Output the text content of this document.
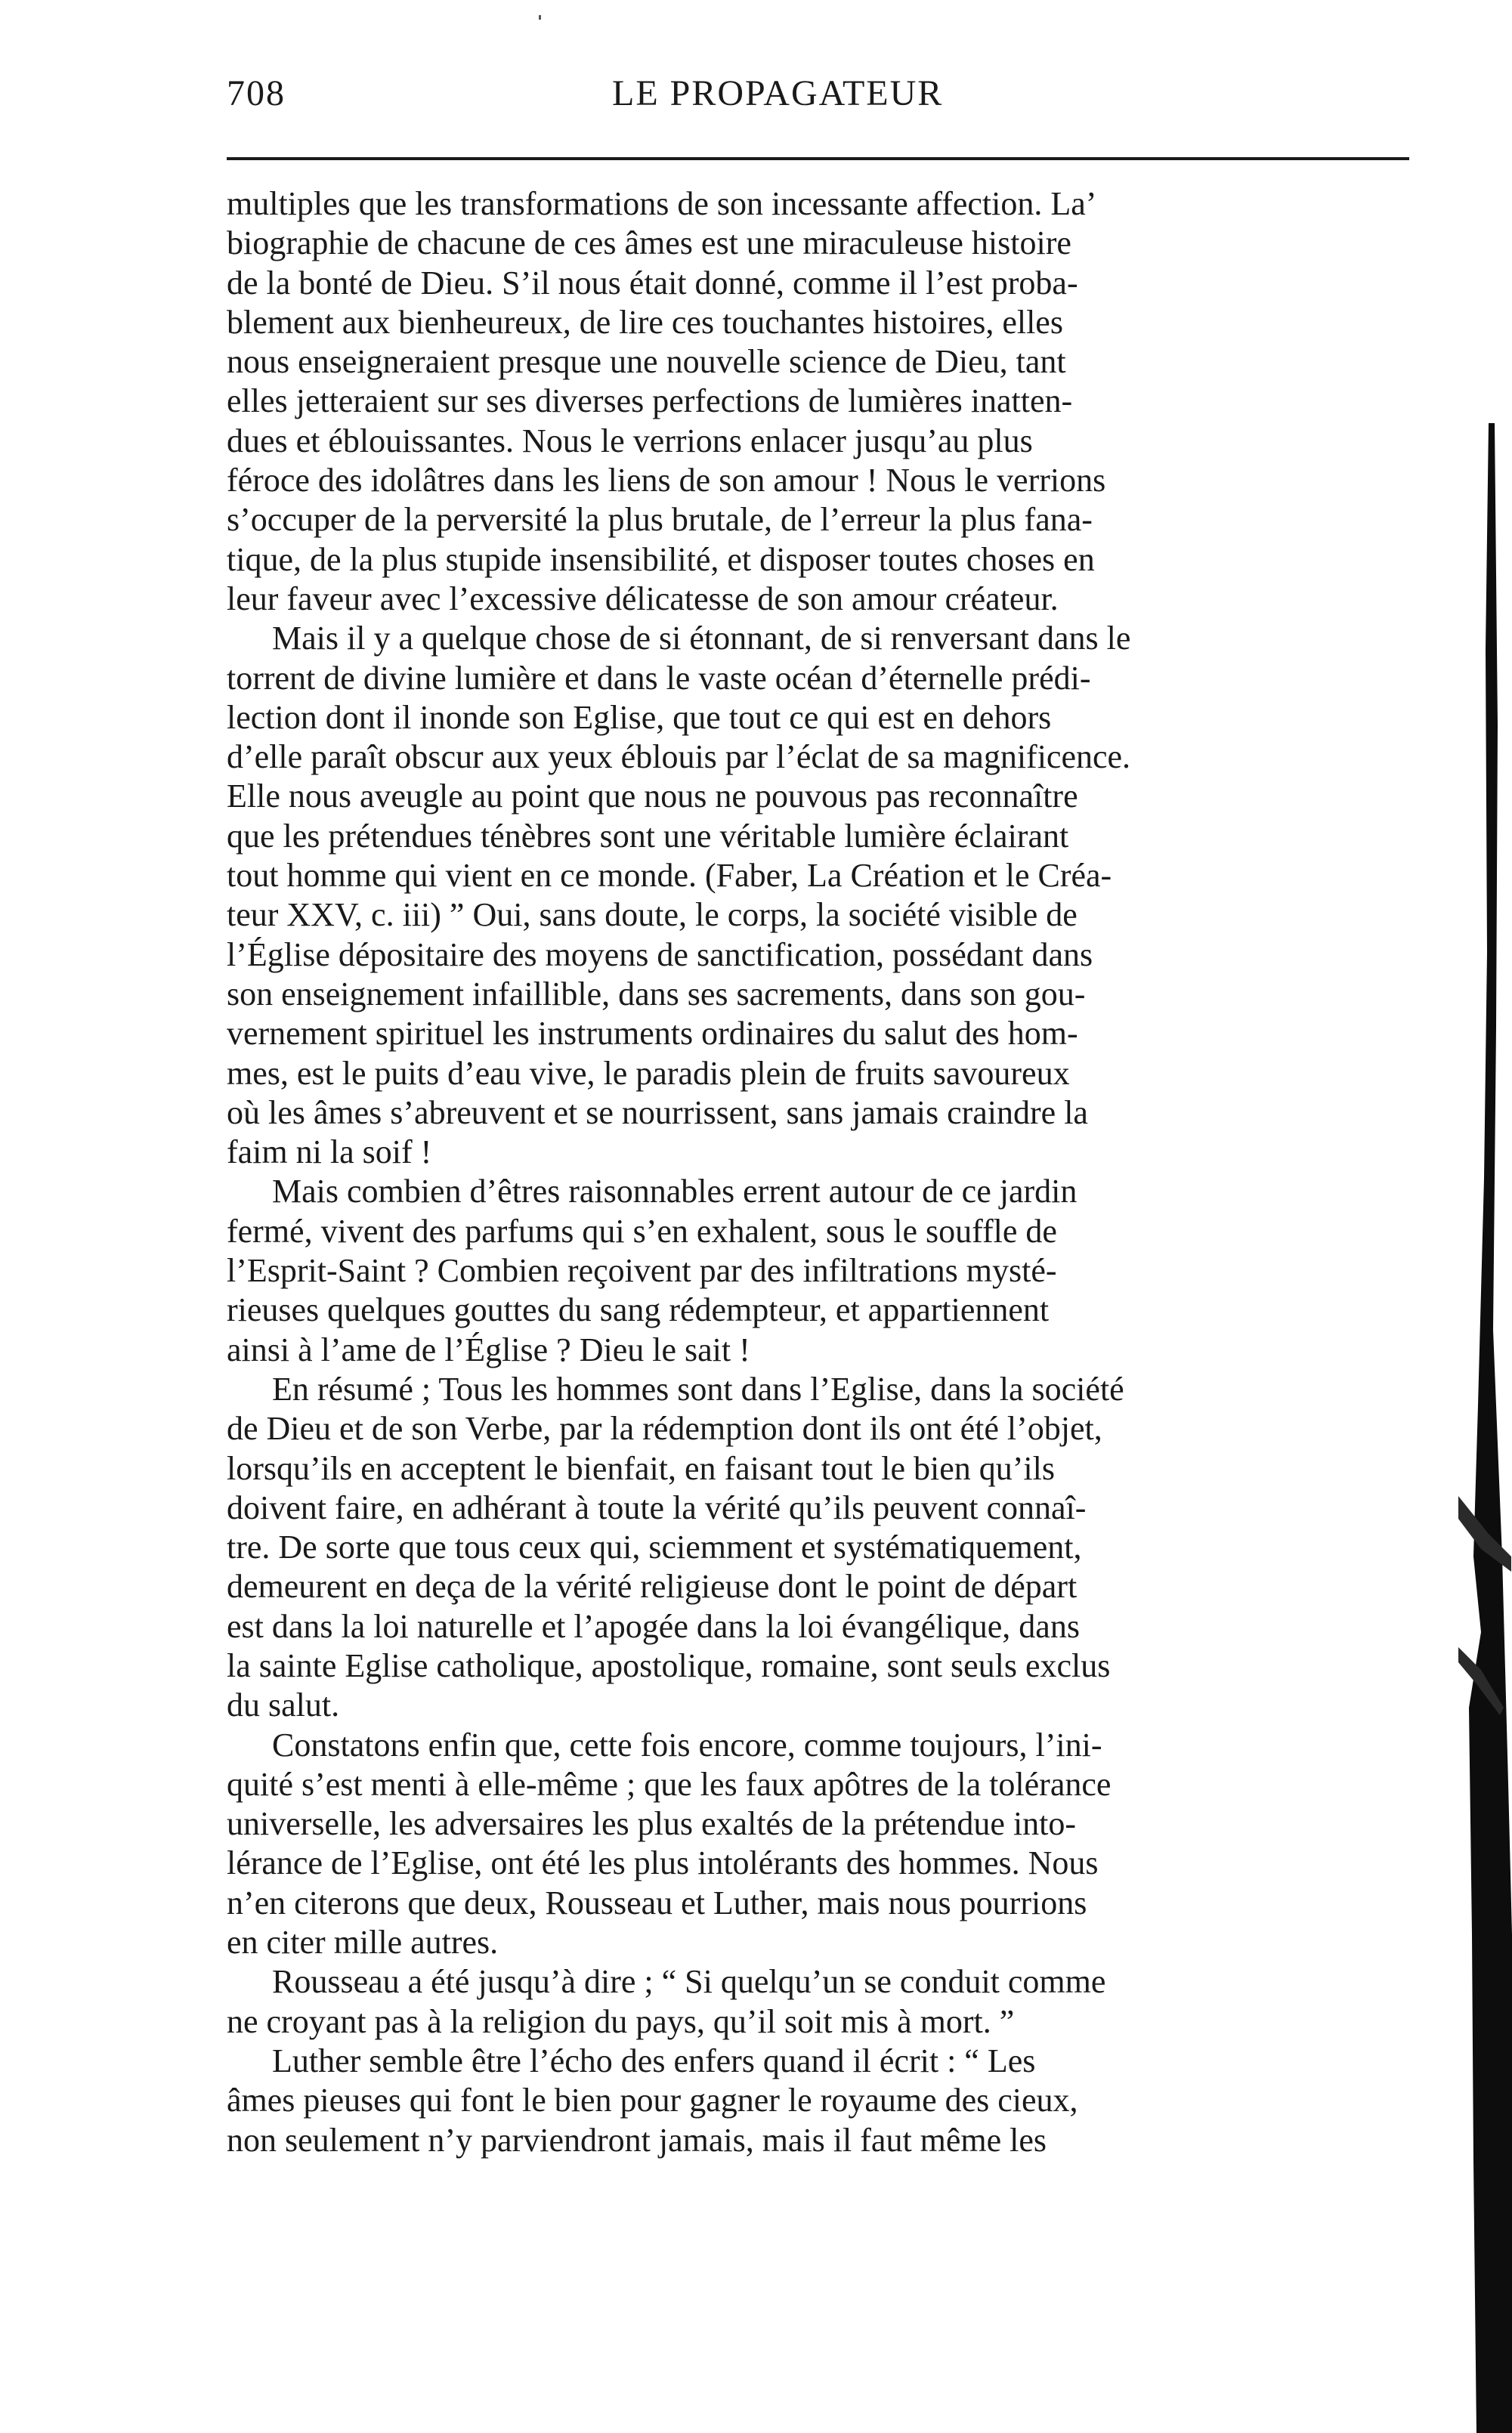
708	LE PROPAGATEUR
multiples que les transformations de son incessante affection. La’
biographie de chacune de ces âmes est une miraculeuse histoire
de la bonté de Dieu. S’il nous était donné, comme il l’est proba-
blement aux bienheureux, de lire ces touchantes histoires, elles
nous enseigneraient presque une nouvelle science de Dieu, tant
elles jetteraient sur ses diverses perfections de lumières inatten-
dues et éblouissantes. Nous le verrions enlacer jusqu’au plus
féroce des idolâtres dans les liens de son amour ! Nous le verrions
s’occuper de la perversité la plus brutale, de l’erreur la plus fana-
tique, de la plus stupide insensibilité, et disposer toutes choses en
leur faveur avec l’excessive délicatesse de son amour créateur.
Mais il y a quelque chose de si étonnant, de si renversant dans le
torrent de divine lumière et dans le vaste océan d’éternelle prédi-
lection dont il inonde son Eglise, que tout ce qui est en dehors
d’elle paraît obscur aux yeux éblouis par l’éclat de sa magnificence.
Elle nous aveugle au point que nous ne pouvous pas reconnaître
que les prétendues ténèbres sont une véritable lumière éclairant
tout homme qui vient en ce monde. (Faber, La Création et le Créa-
teur XXV, c. iii) ” Oui, sans doute, le corps, la société visible de
l’Église dépositaire des moyens de sanctification, possédant dans
son enseignement infaillible, dans ses sacrements, dans son gou-
vernement spirituel les instruments ordinaires du salut des hom-
mes, est le puits d’eau vive, le paradis plein de fruits savoureux
où les âmes s’abreuvent et se nourrissent, sans jamais craindre la
faim ni la soif !
Mais combien d’êtres raisonnables errent autour de ce jardin
fermé, vivent des parfums qui s’en exhalent, sous le souffle de
l’Esprit-Saint ? Combien reçoivent par des infiltrations mysté-
rieuses quelques gouttes du sang rédempteur, et appartiennent
ainsi à l’ame de l’Église ? Dieu le sait !
En résumé ; Tous les hommes sont dans l’Eglise, dans la société
de Dieu et de son Verbe, par la rédemption dont ils ont été l’objet,
lorsqu’ils en acceptent le bienfait, en faisant tout le bien qu’ils
doivent faire, en adhérant à toute la vérité qu’ils peuvent connaî-
tre. De sorte que tous ceux qui, sciemment et systématiquement,
demeurent en deça de la vérité religieuse dont le point de départ
est dans la loi naturelle et l’apogée dans la loi évangélique, dans
la sainte Eglise catholique, apostolique, romaine, sont seuls exclus
du salut.
Constatons enfin que, cette fois encore, comme toujours, l’ini-
quité s’est menti à elle-même ; que les faux apôtres de la tolérance
universelle, les adversaires les plus exaltés de la prétendue into-
lérance de l’Eglise, ont été les plus intolérants des hommes. Nous
n’en citerons que deux, Rousseau et Luther, mais nous pourrions
en citer mille autres.
Rousseau a été jusqu’à dire ; “ Si quelqu’un se conduit comme
ne croyant pas à la religion du pays, qu’il soit mis à mort. ”
Luther semble être l’écho des enfers quand il écrit : “ Les
âmes pieuses qui font le bien pour gagner le royaume des cieux,
non seulement n’y parviendront jamais, mais il faut même les
